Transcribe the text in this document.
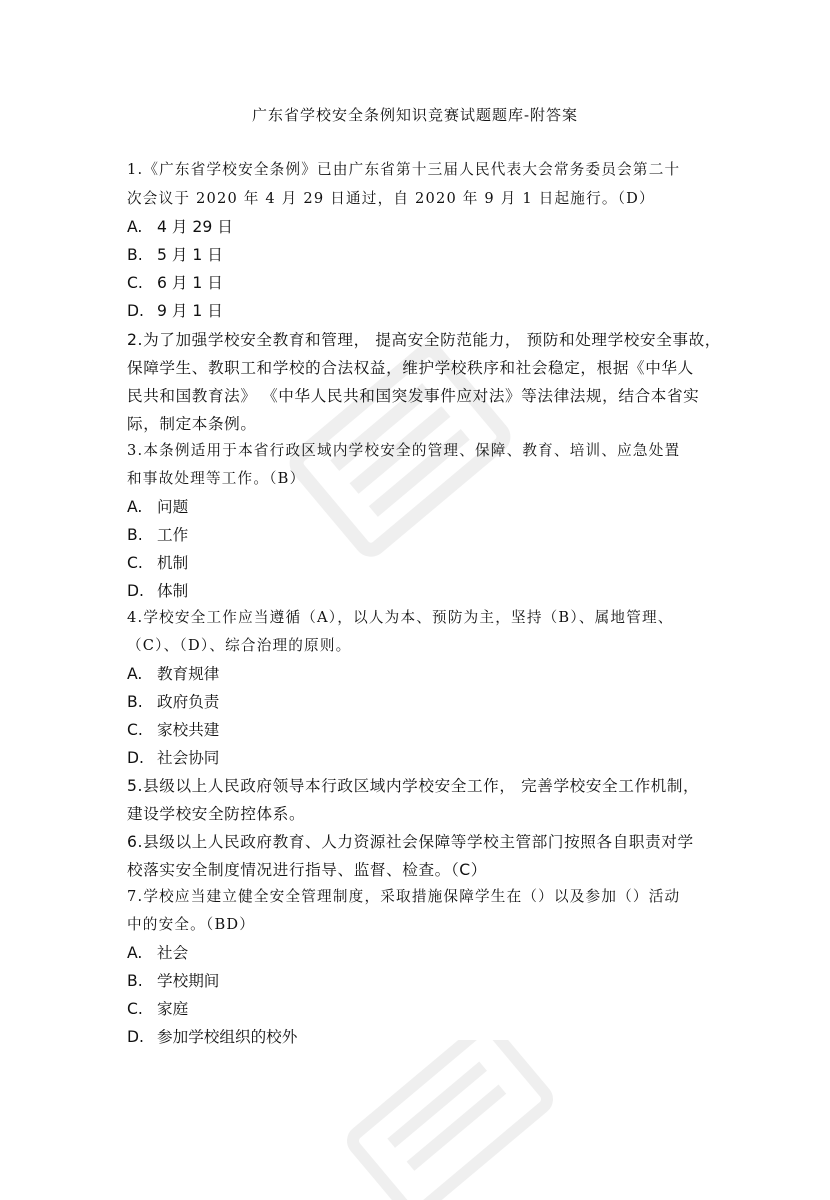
广东省学校安全条例知识竞赛试题题库-附答案
1.《广东省学校安全条例》已由广东省第十三届人民代表大会常务委员会第二十
次会议于 2020 年 4 月 29 日通过，自 2020 年 9 月 1 日起施行。（D）
A. 4 月 29 日
B. 5 月 1 日
C. 6 月 1 日
D. 9 月 1 日
2.为了加强学校安全教育和管理， 提高安全防范能力， 预防和处理学校安全事故，
保障学生、教职工和学校的合法权益，维护学校秩序和社会稳定，根据《中华人
民共和国教育法》 《中华人民共和国突发事件应对法》等法律法规，结合本省实
际，制定本条例。
3.本条例适用于本省行政区域内学校安全的管理、保障、教育、培训、应急处置
和事故处理等工作。（B）
A. 问题
B. 工作
C. 机制
D. 体制
4.学校安全工作应当遵循（A），以人为本、预防为主，坚持（B）、属地管理、
（C）、（D）、综合治理的原则。
A. 教育规律
B. 政府负责
C. 家校共建
D. 社会协同
5.县级以上人民政府领导本行政区域内学校安全工作， 完善学校安全工作机制，
建设学校安全防控体系。
6.县级以上人民政府教育、人力资源社会保障等学校主管部门按照各自职责对学
校落实安全制度情况进行指导、监督、检查。（C）
7.学校应当建立健全安全管理制度，采取措施保障学生在（）以及参加（）活动
中的安全。（BD）
A. 社会
B. 学校期间
C. 家庭
D. 参加学校组织的校外
